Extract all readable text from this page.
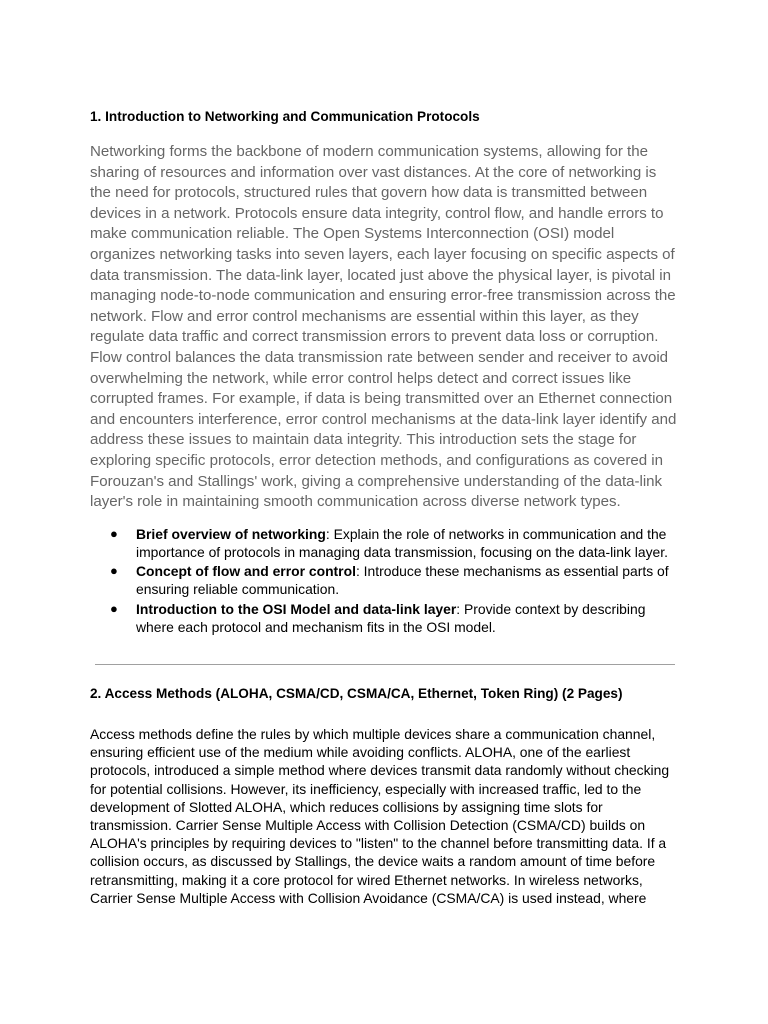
1. Introduction to Networking and Communication Protocols

Networking forms the backbone of modern communication systems, allowing for the sharing of resources and information over vast distances. At the core of networking is the need for protocols, structured rules that govern how data is transmitted between devices in a network. Protocols ensure data integrity, control flow, and handle errors to make communication reliable. The Open Systems Interconnection (OSI) model organizes networking tasks into seven layers, each layer focusing on specific aspects of data transmission. The data-link layer, located just above the physical layer, is pivotal in managing node-to-node communication and ensuring error-free transmission across the network. Flow and error control mechanisms are essential within this layer, as they regulate data traffic and correct transmission errors to prevent data loss or corruption. Flow control balances the data transmission rate between sender and receiver to avoid overwhelming the network, while error control helps detect and correct issues like corrupted frames. For example, if data is being transmitted over an Ethernet connection and encounters interference, error control mechanisms at the data-link layer identify and address these issues to maintain data integrity. This introduction sets the stage for exploring specific protocols, error detection methods, and configurations as covered in Forouzan's and Stallings' work, giving a comprehensive understanding of the data-link layer's role in maintaining smooth communication across diverse network types.

● Brief overview of networking: Explain the role of networks in communication and the importance of protocols in managing data transmission, focusing on the data-link layer.
● Concept of flow and error control: Introduce these mechanisms as essential parts of ensuring reliable communication.
● Introduction to the OSI Model and data-link layer: Provide context by describing where each protocol and mechanism fits in the OSI model.
2. Access Methods (ALOHA, CSMA/CD, CSMA/CA, Ethernet, Token Ring) (2 Pages)

Access methods define the rules by which multiple devices share a communication channel, ensuring efficient use of the medium while avoiding conflicts. ALOHA, one of the earliest protocols, introduced a simple method where devices transmit data randomly without checking for potential collisions. However, its inefficiency, especially with increased traffic, led to the development of Slotted ALOHA, which reduces collisions by assigning time slots for transmission. Carrier Sense Multiple Access with Collision Detection (CSMA/CD) builds on ALOHA's principles by requiring devices to "listen" to the channel before transmitting data. If a collision occurs, as discussed by Stallings, the device waits a random amount of time before retransmitting, making it a core protocol for wired Ethernet networks. In wireless networks, Carrier Sense Multiple Access with Collision Avoidance (CSMA/CA) is used instead, where
